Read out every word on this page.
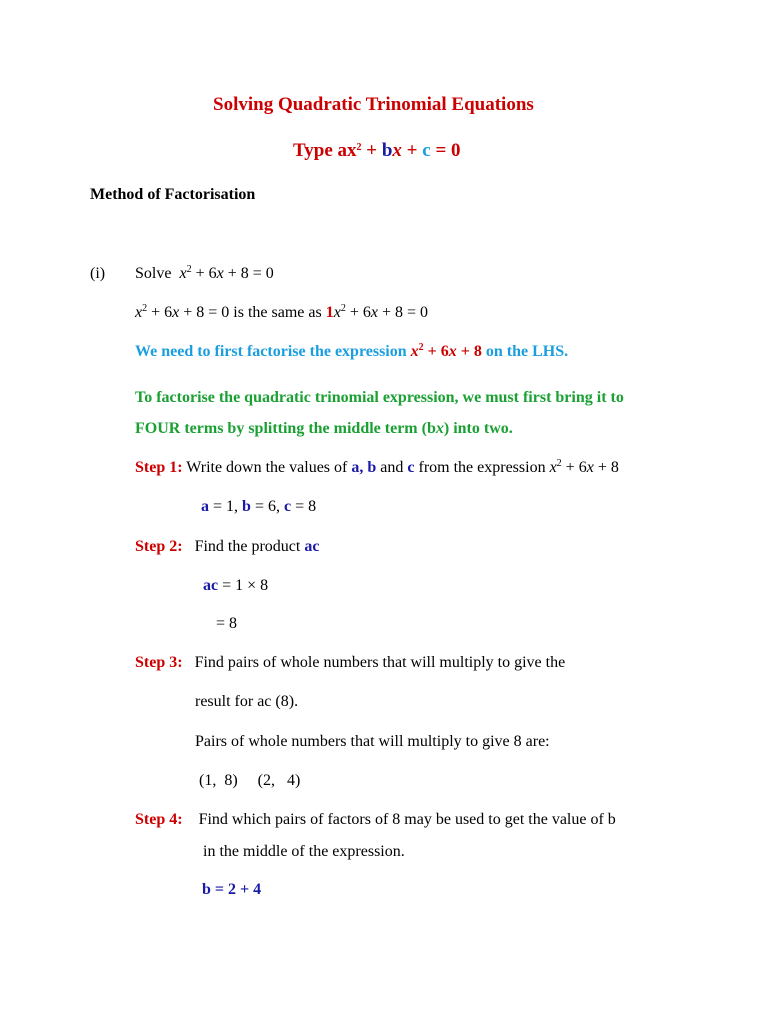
Solving Quadratic Trinomial Equations
Type $ax^2$ + bx + c = 0
Method of Factorisation
(i) Solve $x^2 + 6x + 8 = 0$
$x^2 + 6x + 8 = 0$ is the same as $1x^2 + 6x + 8 = 0$
We need to first factorise the expression $x^2 + 6x + 8$ on the LHS.
To factorise the quadratic trinomial expression, we must first bring it to
FOUR terms by splitting the middle term (bx) into two.
Step 1: Write down the values of a, b and c from the expression $x^2 + 6x + 8$
a = 1, b = 6, c = 8
Step 2: Find the product ac
ac = 1 × 8
= 8
Step 3: Find pairs of whole numbers that will multiply to give the
result for ac (8).
Pairs of whole numbers that will multiply to give 8 are:
(1,  8)     (2,   4)
Step 4: Find which pairs of factors of 8 may be used to get the value of b
in the middle of the expression.
b = 2 + 4
